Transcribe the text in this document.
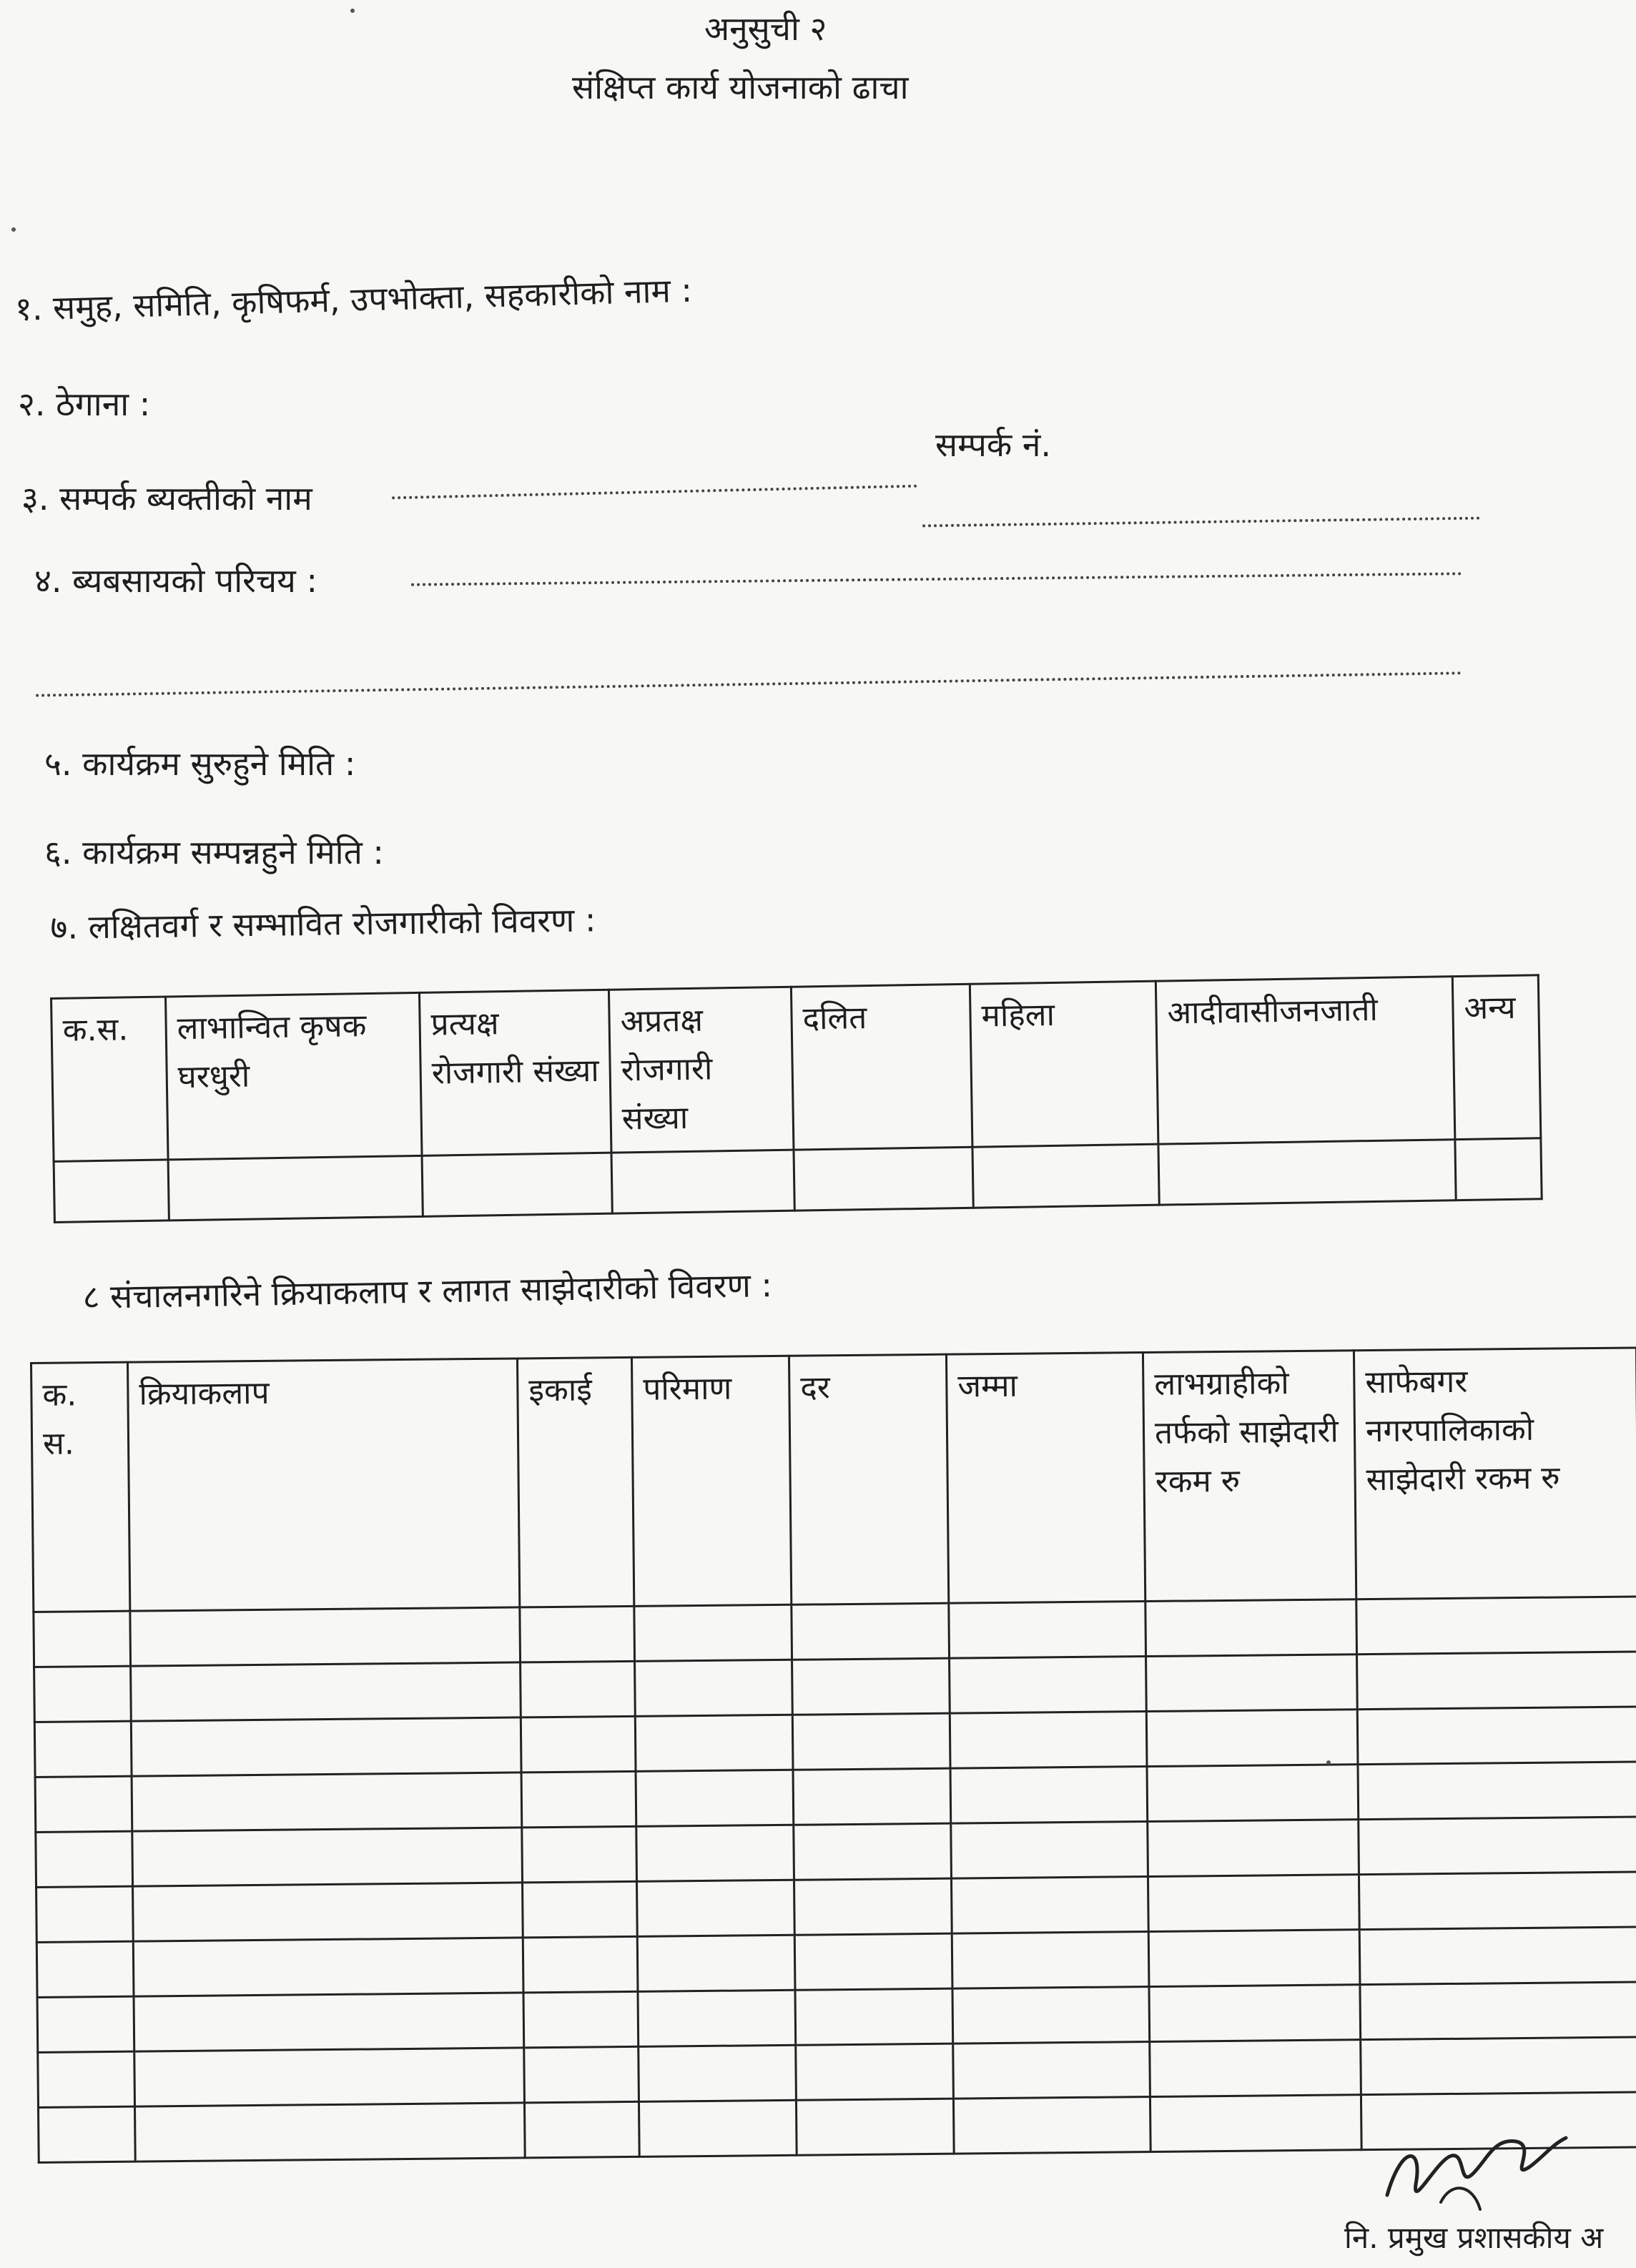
अनुसुची २
संक्षिप्त कार्य योजनाको ढाचा
१. समुह, समिति, कृषिफर्म, उपभोक्ता, सहकारीको नाम :
२. ठेगाना :
३. सम्पर्क ब्यक्तीको नाम
सम्पर्क नं.
४. ब्यबसायको परिचय :
५. कार्यक्रम सुरुहुने मिति :
६. कार्यक्रम सम्पन्नहुने मिति :
७. लक्षितवर्ग र सम्भावित रोजगारीको विवरण :
क.स.	लाभान्वित कृषक घरधुरी	प्रत्यक्ष रोजगारी संख्या	अप्रतक्ष रोजगारी संख्या	दलित	महिला	आदीवासीजनजाती	अन्य

८ संचालनगरिने क्रियाकलाप र लागत साझेदारीको विवरण :
क. स.	क्रियाकलाप	इकाई	परिमाण	दर	जम्मा	लाभग्राहीको तर्फको साझेदारी रकम रु	साफेबगर नगरपालिकाको साझेदारी रकम रु

नि. प्रमुख प्रशासकीय अ
